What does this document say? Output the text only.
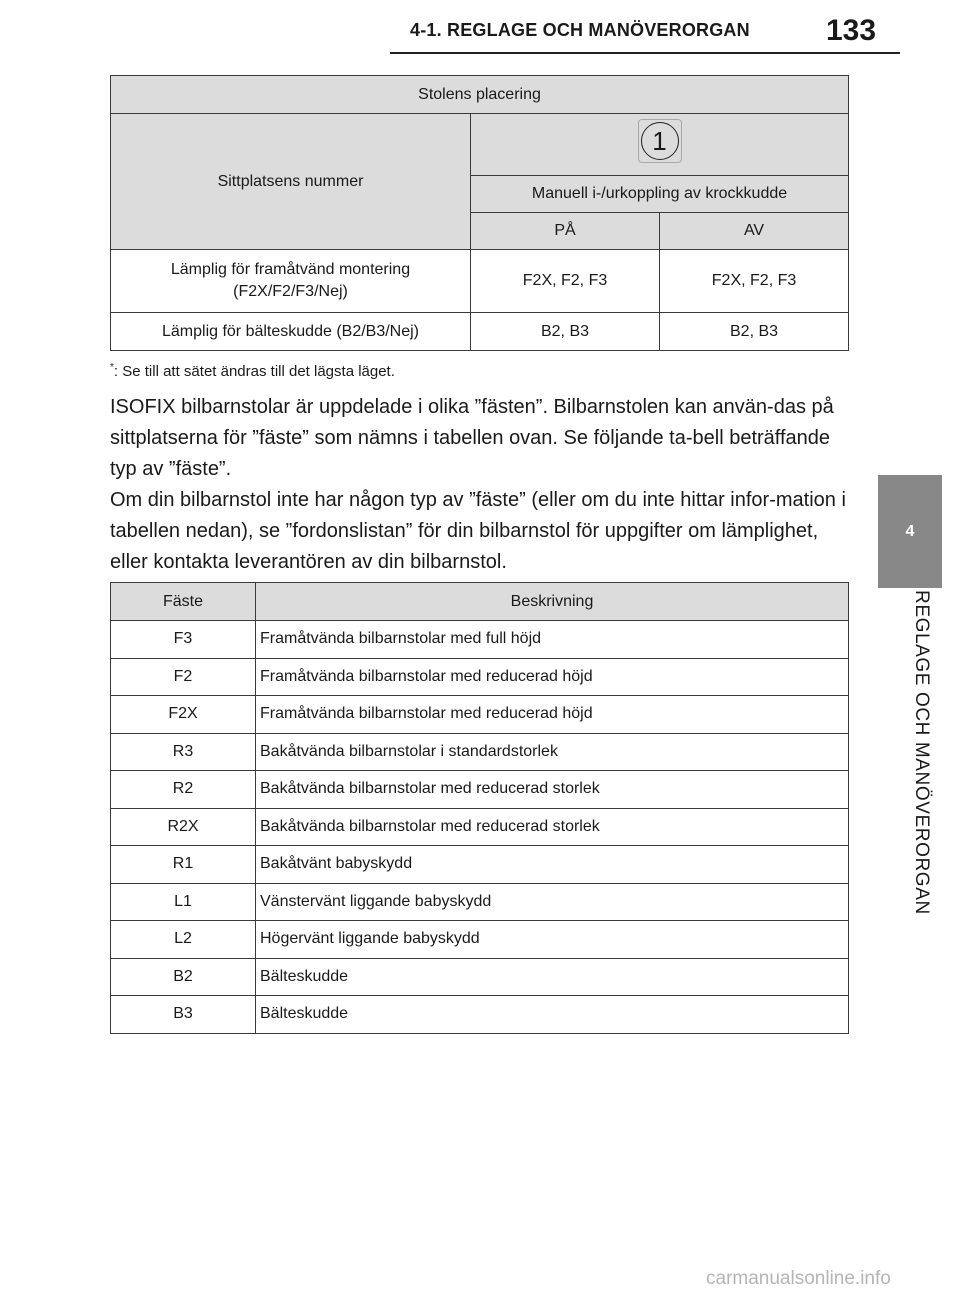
4-1. REGLAGE OCH MANÖVERORGAN	133
4
REGLAGE OCH MANÖVERORGAN
Stolens placering		
Sittplatsens nummer	1	

	Manuell i-/urkoppling av krockkudde	
	PÅ	AV
Lämplig för framåtvänd montering (F2X/F2/F3/Nej)	F2X, F2, F3	F2X, F2, F3
Lämplig för bälteskudde (B2/B3/Nej)	B2, B3	B2, B3
*: Se till att sätet ändras till det lägsta läget.

ISOFIX bilbarnstolar är uppdelade i olika ”fästen”. Bilbarnstolen kan använ-das på sittplatserna för ”fäste” som nämns i tabellen ovan. Se följande ta-bell beträffande typ av ”fäste”.

Om din bilbarnstol inte har någon typ av ”fäste” (eller om du inte hittar infor-mation i tabellen nedan), se ”fordonslistan” för din bilbarnstol för uppgifter om lämplighet, eller kontakta leverantören av din bilbarnstol.

Fäste	Beskrivning
F3	Framåtvända bilbarnstolar med full höjd
F2	Framåtvända bilbarnstolar med reducerad höjd
F2X	Framåtvända bilbarnstolar med reducerad höjd
R3	Bakåtvända bilbarnstolar i standardstorlek
R2	Bakåtvända bilbarnstolar med reducerad storlek
R2X	Bakåtvända bilbarnstolar med reducerad storlek
R1	Bakåtvänt babyskydd
L1	Vänstervänt liggande babyskydd
L2	Högervänt liggande babyskydd
B2	Bälteskudde
B3	Bälteskudde
carmanualsonline.info
